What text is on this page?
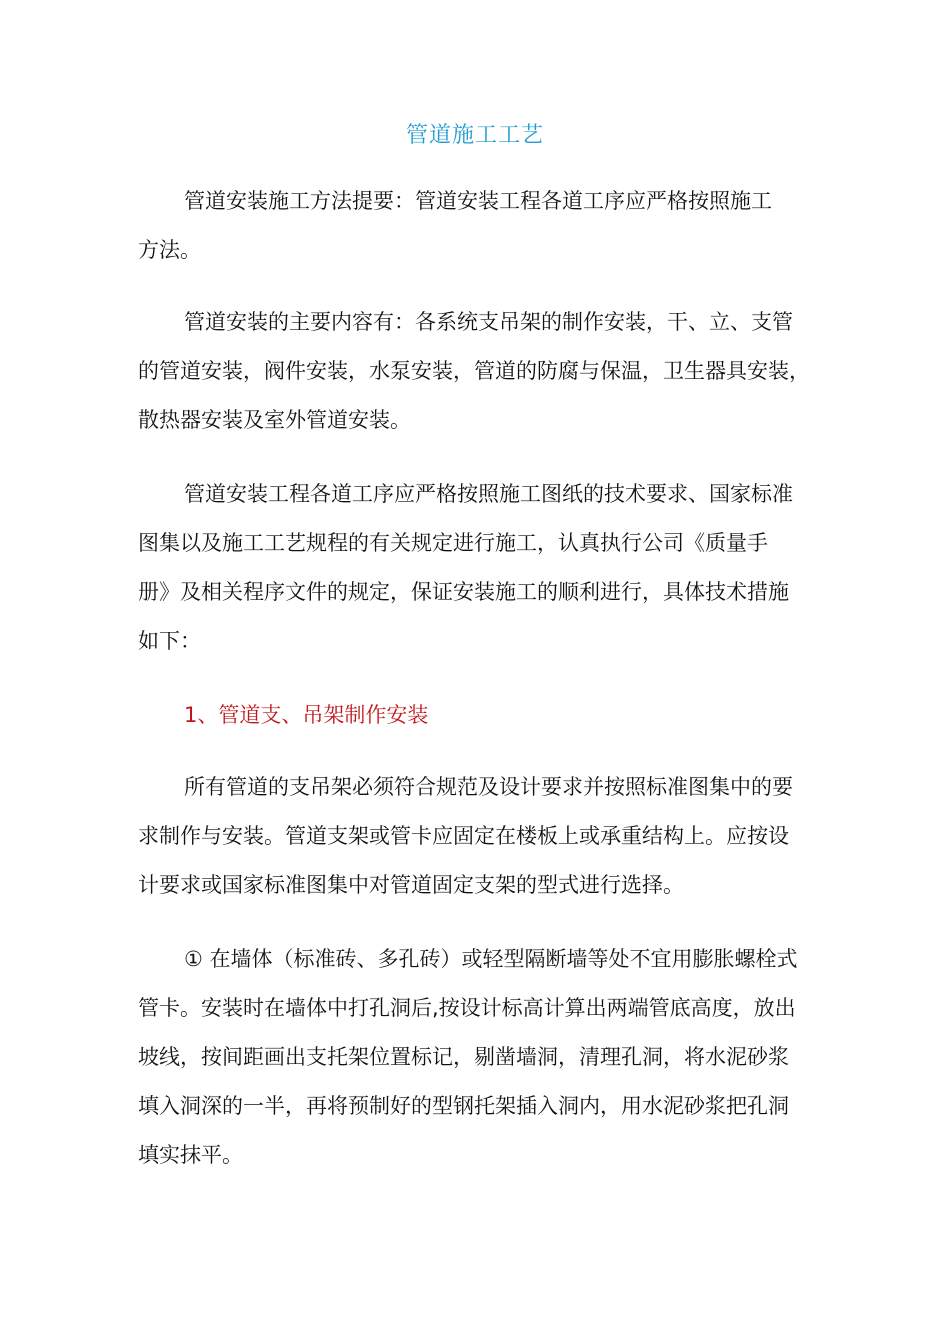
管道施工工艺

管道安装施工方法提要：管道安装工程各道工序应严格按照施工
方法。

管道安装的主要内容有：各系统支吊架的制作安装，干、立、支管
的管道安装，阀件安装，水泵安装，管道的防腐与保温，卫生器具安装，
散热器安装及室外管道安装。

管道安装工程各道工序应严格按照施工图纸的技术要求、国家标准
图集以及施工工艺规程的有关规定进行施工，认真执行公司《质量手
册》及相关程序文件的规定，保证安装施工的顺利进行，具体技术措施
如下：

1、管道支、吊架制作安装

所有管道的支吊架必须符合规范及设计要求并按照标准图集中的要
求制作与安装。管道支架或管卡应固定在楼板上或承重结构上。应按设
计要求或国家标准图集中对管道固定支架的型式进行选择。

① 在墙体（标准砖、多孔砖）或轻型隔断墙等处不宜用膨胀螺栓式
管卡。安装时在墙体中打孔洞后,按设计标高计算出两端管底高度，放出
坡线，按间距画出支托架位置标记，剔凿墙洞，清理孔洞，将水泥砂浆
填入洞深的一半，再将预制好的型钢托架插入洞内，用水泥砂浆把孔洞
填实抹平。
